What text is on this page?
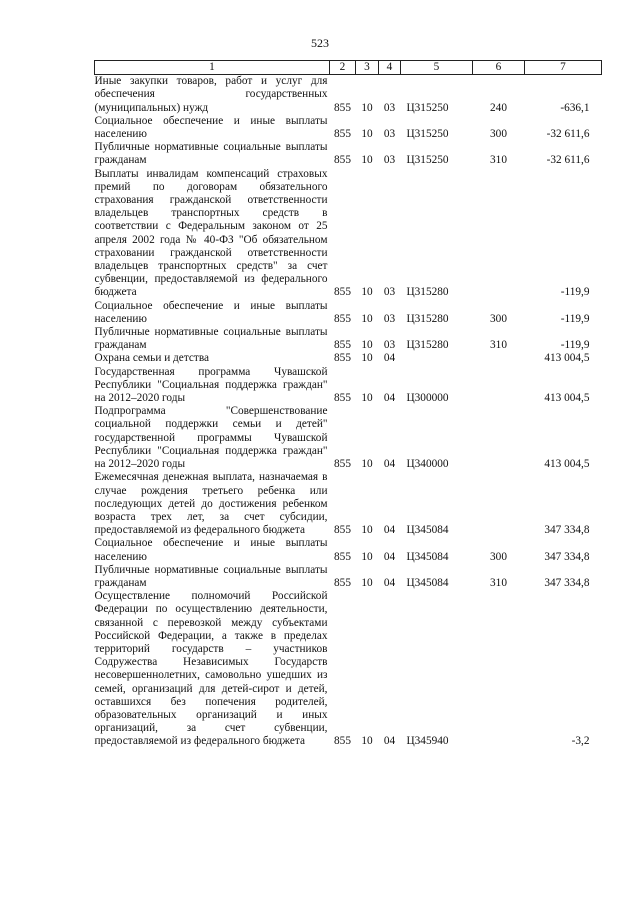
523
1	2	3	4	5	6	7
Иные закупки товаров, работ и услуг для обеспечения государственных (муниципальных) нужд	855	10	03	Ц315250	240	-636,1
Социальное обеспечение и иные выплаты населению	855	10	03	Ц315250	300	-32 611,6
Публичные нормативные социальные выплаты гражданам	855	10	03	Ц315250	310	-32 611,6
Выплаты инвалидам компенсаций страховых премий по договорам обязательного страхования гражданской ответственности владельцев транспортных средств в соответствии с Федеральным законом от 25 апреля 2002 года № 40-ФЗ "Об обязательном страховании гражданской ответственности владельцев транспортных средств" за счет субвенции, предоставляемой из федерального бюджета	855	10	03	Ц315280		-119,9
Социальное обеспечение и иные выплаты населению	855	10	03	Ц315280	300	-119,9
Публичные нормативные социальные выплаты гражданам	855	10	03	Ц315280	310	-119,9
Охрана семьи и детства	855	10	04			413 004,5
Государственная программа Чувашской Республики "Социальная поддержка граждан" на 2012–2020 годы	855	10	04	Ц300000		413 004,5
Подпрограмма "Совершенствование социальной поддержки семьи и детей" государственной программы Чувашской Республики "Социальная поддержка граждан" на 2012–2020 годы	855	10	04	Ц340000		413 004,5
Ежемесячная денежная выплата, назначаемая в случае рождения третьего ребенка или последующих детей до достижения ребенком возраста трех лет, за счет субсидии, предоставляемой из федерального бюджета	855	10	04	Ц345084		347 334,8
Социальное обеспечение и иные выплаты населению	855	10	04	Ц345084	300	347 334,8
Публичные нормативные социальные выплаты гражданам	855	10	04	Ц345084	310	347 334,8
Осуществление полномочий Российской Федерации по осуществлению деятельности, связанной с перевозкой между субъектами Российской Федерации, а также в пределах территорий государств – участников Содружества Независимых Государств несовершеннолетних, самовольно ушедших из семей, организаций для детей-сирот и детей, оставшихся без попечения родителей, образовательных организаций и иных организаций, за счет субвенции, предоставляемой из федерального бюджета	855	10	04	Ц345940		-3,2
